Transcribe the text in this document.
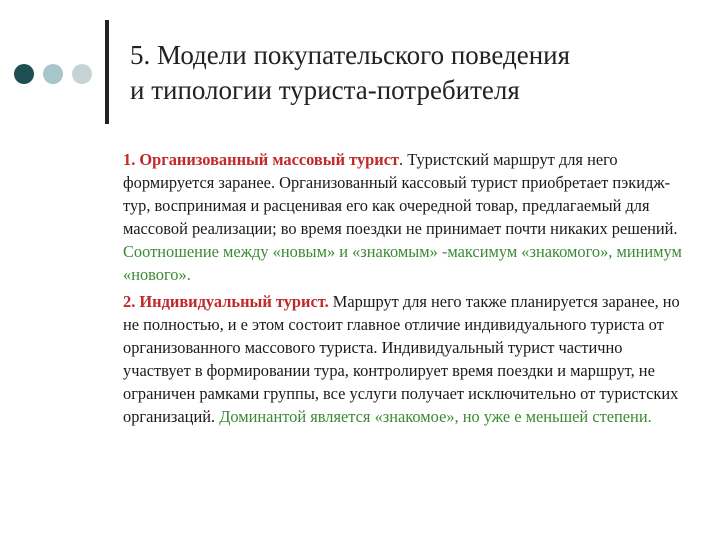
5. Модели покупательского поведения
и типологии туриста-потребителя

1. Организованный массовый турист. Туристский маршрут для него формируется заранее. Организованный кассовый турист приобретает пэкидж-тур, воспринимая и расценивая его как очередной товар, предлагаемый для массовой реализации; во время поездки не принимает почти никаких решений. Соотношение между «новым» и «знакомым» -максимум «знакомого», минимум «нового».

2. Индивидуальный турист. Маршрут для него также планируется заранее, но не полностью, и е этом состоит главное отличие индивидуального туриста от организованного массового туриста. Индивидуальный турист частично участвует в формировании тура, контролирует время поездки и маршрут, не ограничен рамками группы, все услуги получает исключительно от туристских организаций. Доминантой является «знакомое», но уже е меньшей степени.
